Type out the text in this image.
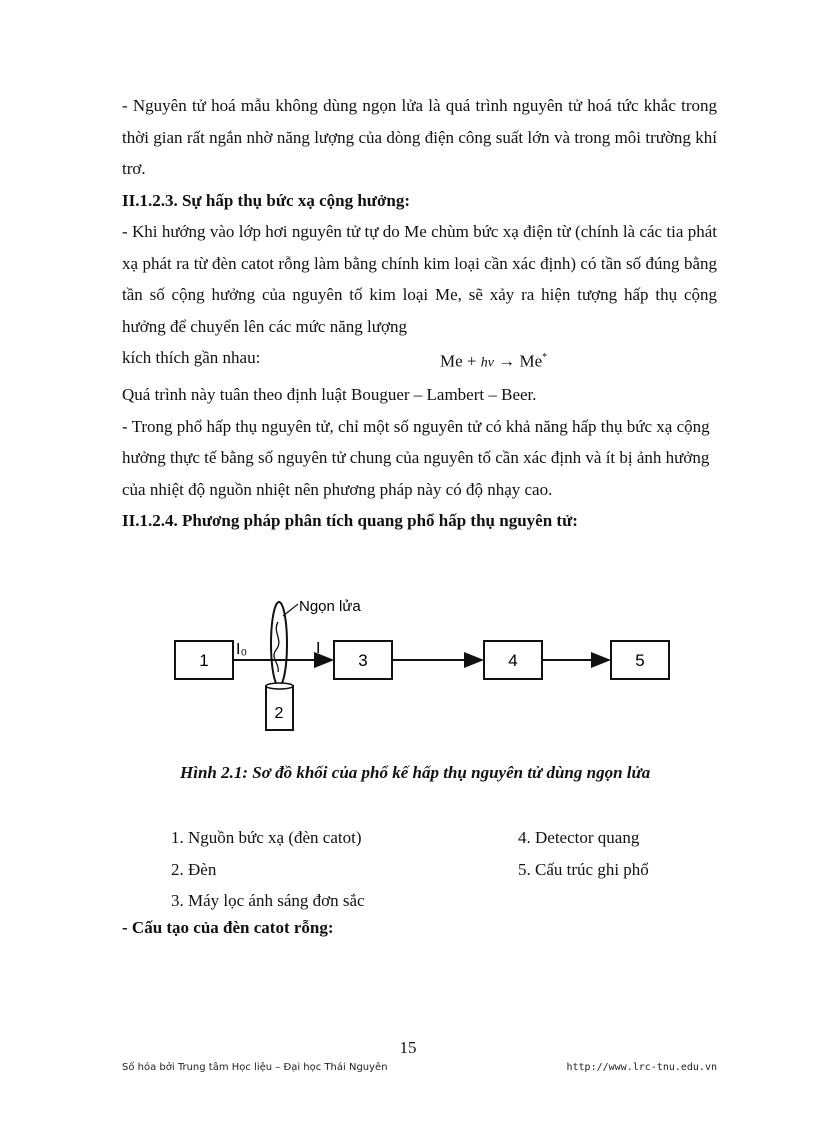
- Nguyên tử hoá mẫu không dùng ngọn lửa là quá trình nguyên tử hoá tức khắc trong thời gian rất ngắn nhờ năng lượng của dòng điện công suất lớn và trong môi trường khí trơ.

II.1.2.3. Sự hấp thụ bức xạ cộng hưởng:

- Khi hướng vào lớp hơi nguyên tử tự do Me chùm bức xạ điện từ (chính là các tia phát xạ phát ra từ đèn catot rỗng làm bằng chính kim loại cần xác định) có tần số đúng bằng tần số cộng hưởng của nguyên tố kim loại Me, sẽ xảy ra hiện tượng hấp thụ cộng hưởng để chuyển lên các mức năng lượng

kích thích gần nhau:	Me + hν → Me*

Quá trình này tuân theo định luật Bouguer – Lambert – Beer.

- Trong phổ hấp thụ nguyên tử, chỉ một số nguyên tử có khả năng hấp thụ bức xạ cộng hưởng thực tế bằng số nguyên tử chung của nguyên tố cần xác định và ít bị ảnh hưởng của nhiệt độ nguồn nhiệt nên phương pháp này có độ nhạy cao.

II.1.2.4. Phương pháp phân tích quang phổ hấp thụ nguyên tử:

1
I₀	I
Ngọn lửa
2
3	4	5
Hình 2.1: Sơ đồ khối của phổ kế hấp thụ nguyên tử dùng ngọn lửa
1. Nguồn bức xạ (đèn catot)	4. Detector quang
2. Đèn	5. Cấu trúc ghi phổ
3. Máy lọc ánh sáng đơn sắc
- Cấu tạo của đèn catot rỗng:
15
Số hóa bởi Trung tâm Học liệu – Đại học Thái Nguyên	http://www.lrc-tnu.edu.vn
